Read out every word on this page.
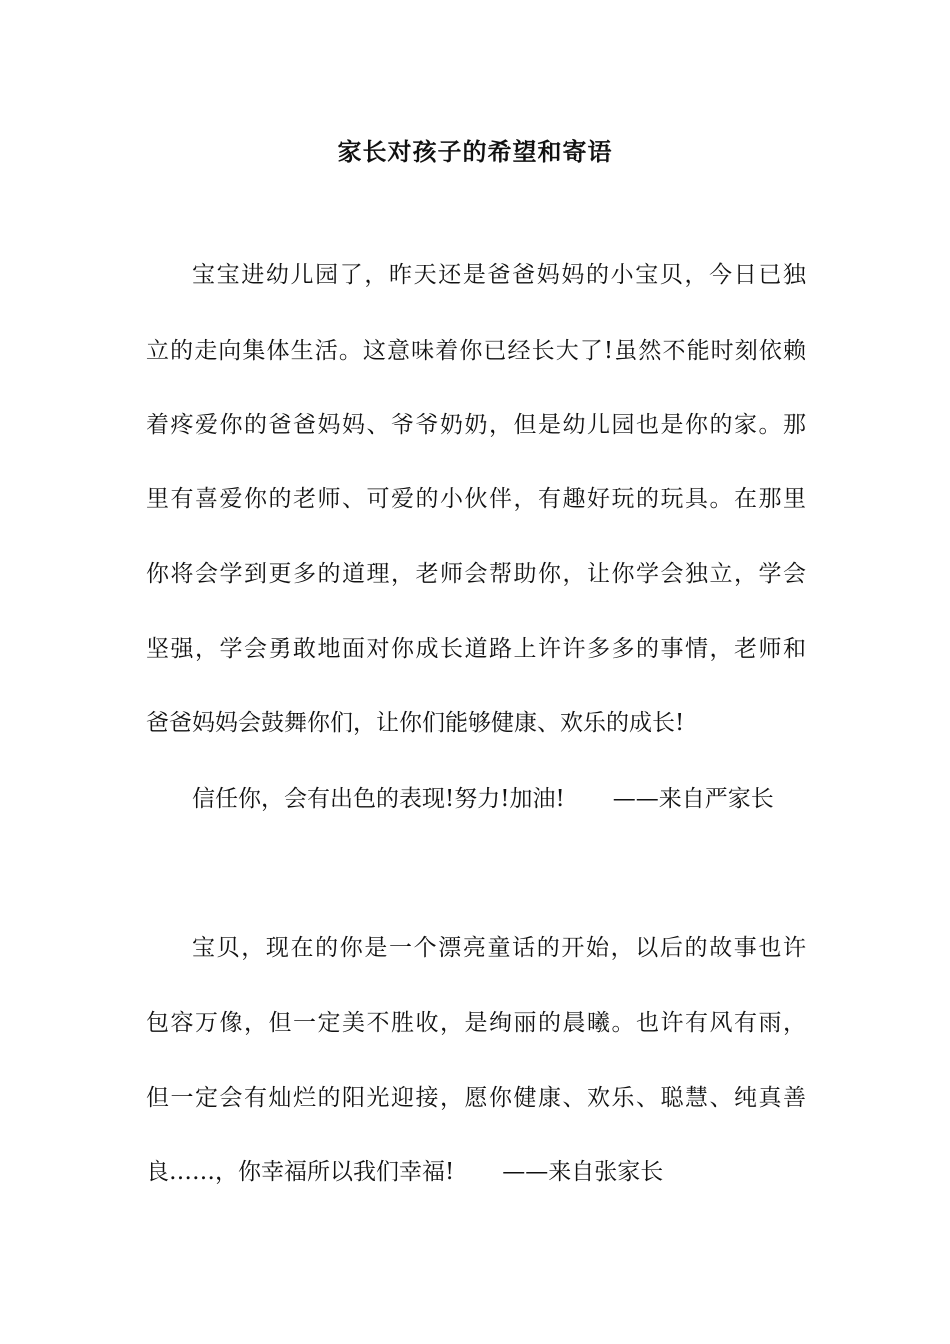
家长对孩子的希望和寄语
宝宝进幼儿园了，昨天还是爸爸妈妈的小宝贝，今日已独
立的走向集体生活。这意味着你已经长大了!虽然不能时刻依赖
着疼爱你的爸爸妈妈、爷爷奶奶，但是幼儿园也是你的家。那
里有喜爱你的老师、可爱的小伙伴，有趣好玩的玩具。在那里
你将会学到更多的道理，老师会帮助你，让你学会独立，学会
坚强，学会勇敢地面对你成长道路上许许多多的事情，老师和
爸爸妈妈会鼓舞你们，让你们能够健康、欢乐的成长!
信任你，会有出色的表现!努力!加油! ——来自严家长
宝贝，现在的你是一个漂亮童话的开始，以后的故事也许
包容万像，但一定美不胜收，是绚丽的晨曦。也许有风有雨，
但一定会有灿烂的阳光迎接，愿你健康、欢乐、聪慧、纯真善
良……，你幸福所以我们幸福! ——来自张家长
